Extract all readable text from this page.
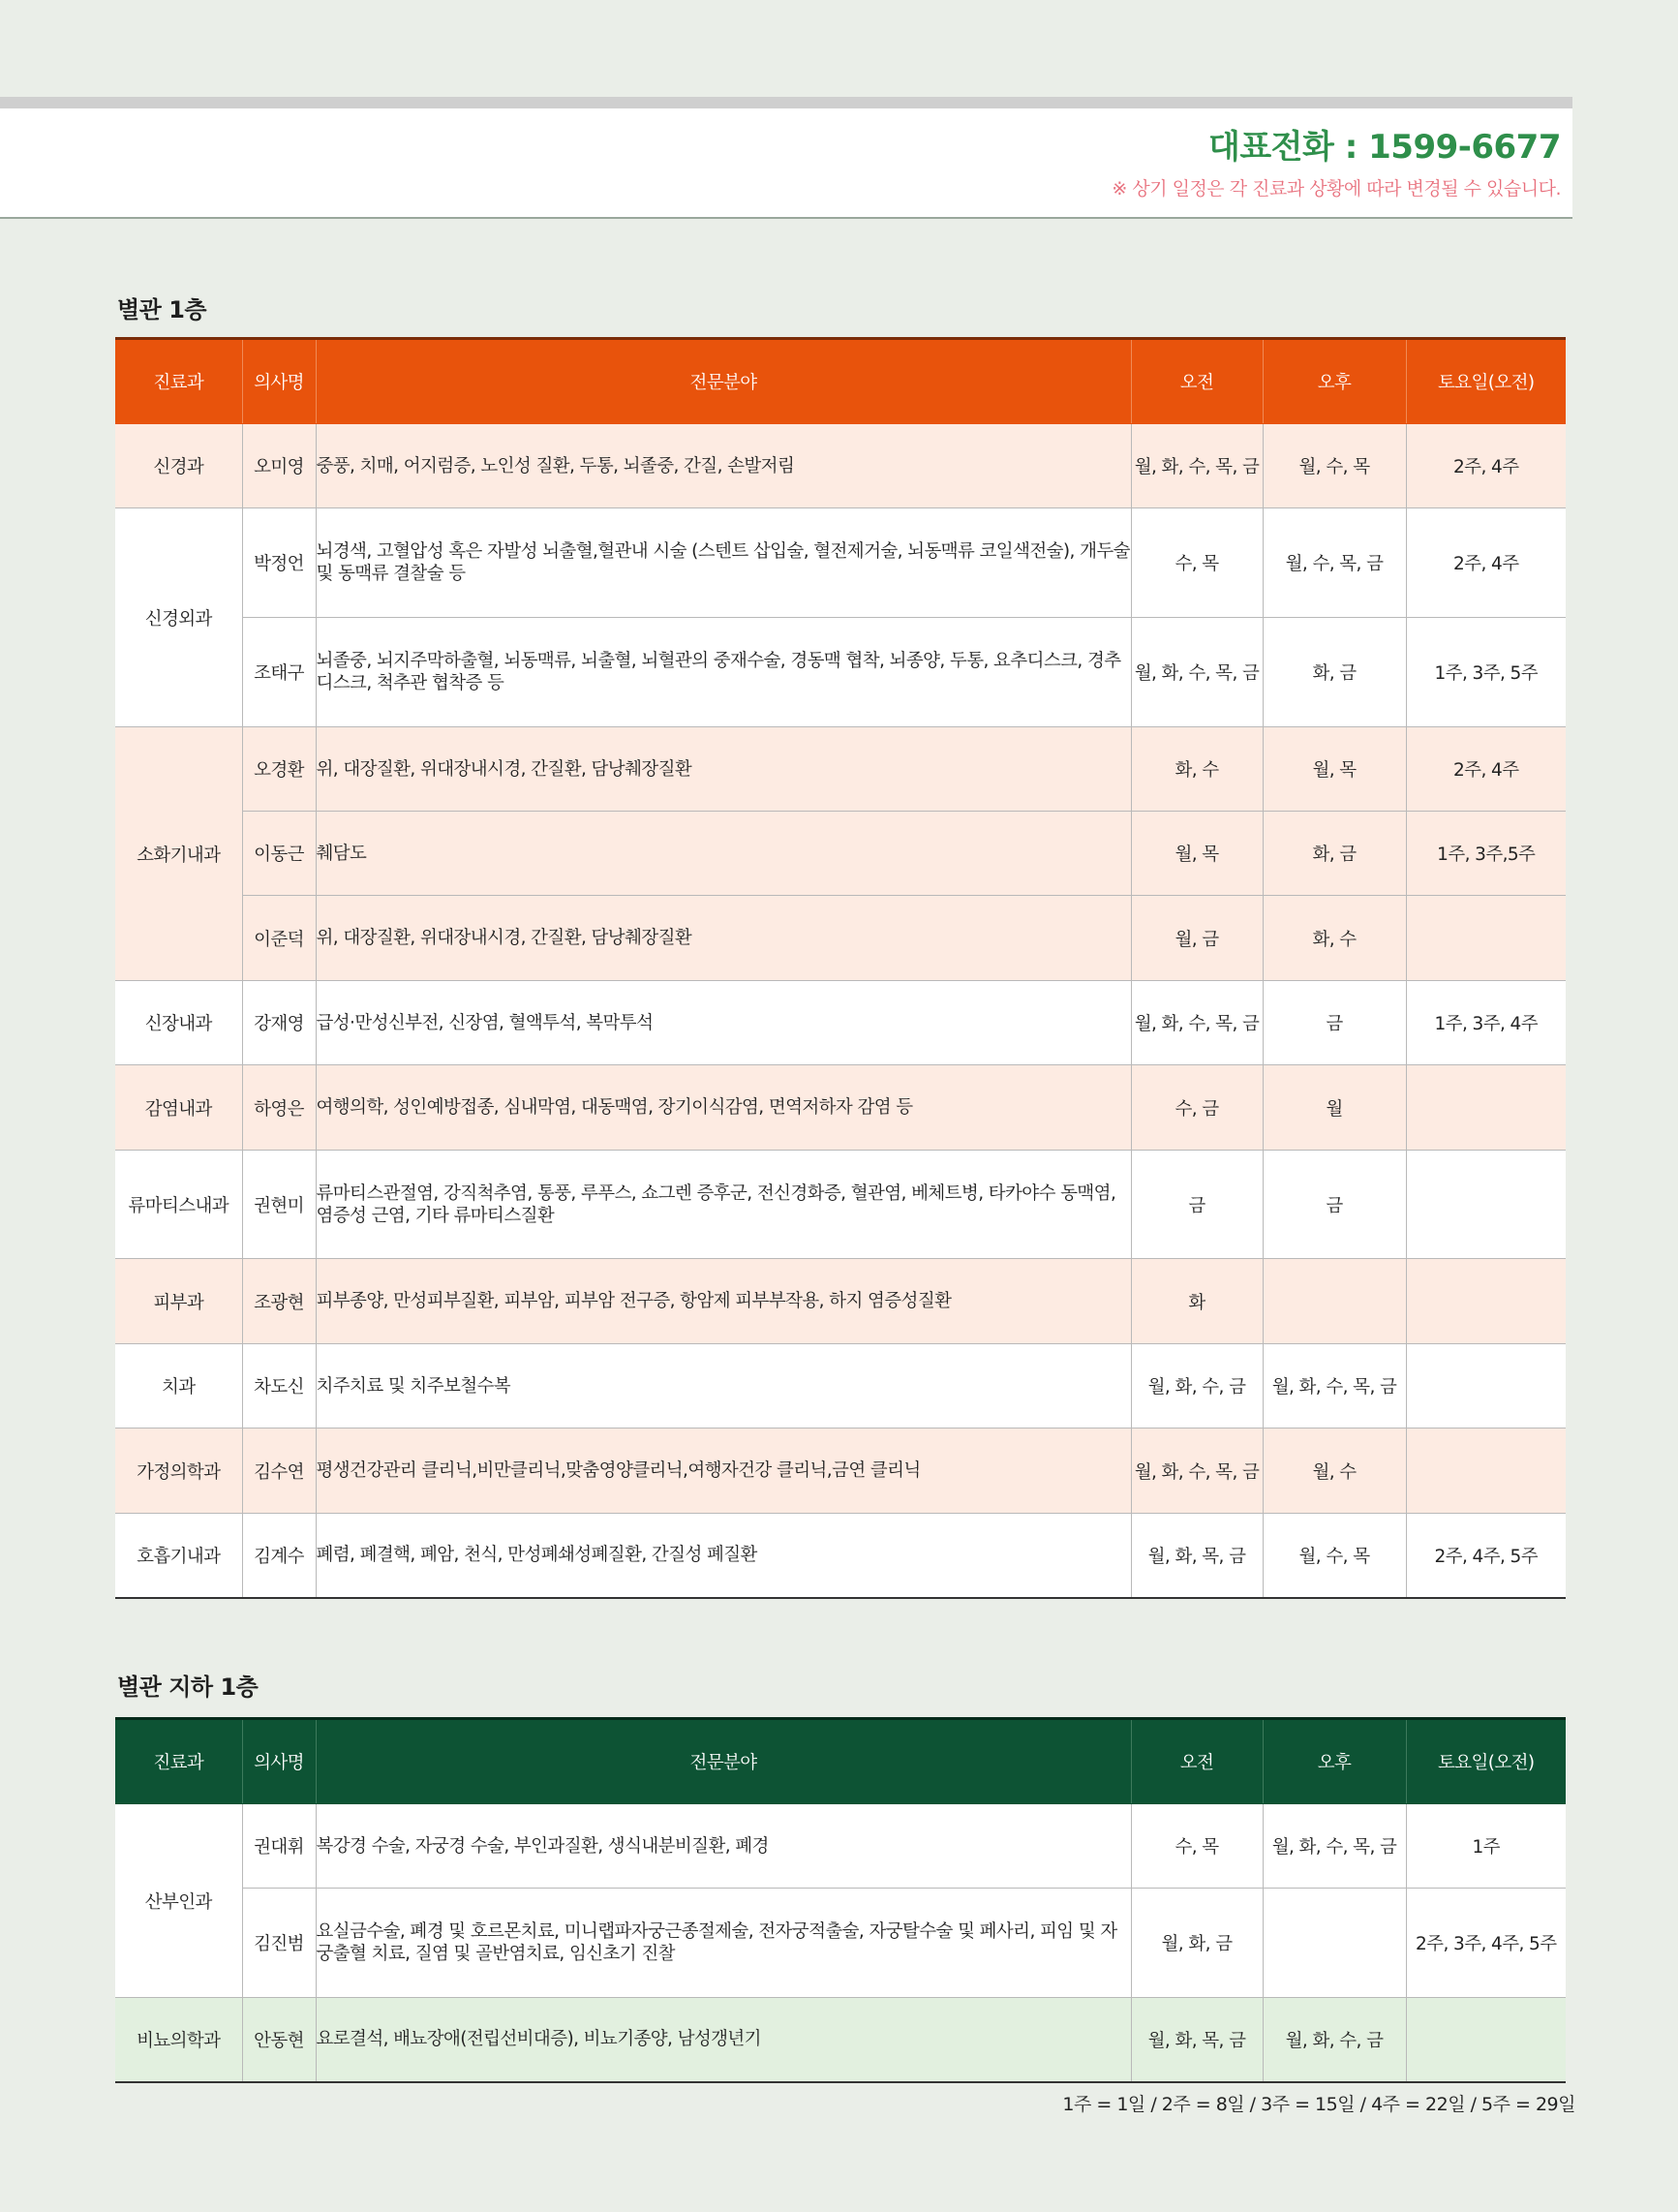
대표전화 : 1599-6677
※ 상기 일정은 각 진료과 상황에 따라 변경될 수 있습니다.
별관 1층
진료과	의사명	전문분야	오전	오후	토요일(오전)
신경과	오미영	중풍, 치매, 어지럼증, 노인성 질환, 두통, 뇌졸중, 간질, 손발저림	월, 화, 수, 목, 금	월, 수, 목	2주, 4주
신경외과	박정언	뇌경색, 고혈압성 혹은 자발성 뇌출혈,혈관내 시술 (스텐트 삽입술, 혈전제거술, 뇌동맥류 코일색전술), 개두술 및 동맥류 결찰술 등	수, 목	월, 수, 목, 금	2주, 4주
	조태구	뇌졸중, 뇌지주막하출혈, 뇌동맥류, 뇌출혈, 뇌혈관의 중재수술, 경동맥 협착, 뇌종양, 두통, 요추디스크, 경추 디스크, 척추관 협착증 등	월, 화, 수, 목, 금	화, 금	1주, 3주, 5주
소화기내과	오경환	위, 대장질환, 위대장내시경, 간질환, 담낭췌장질환	화, 수	월, 목	2주, 4주
	이동근	췌담도	월, 목	화, 금	1주, 3주,5주
	이준덕	위, 대장질환, 위대장내시경, 간질환, 담낭췌장질환	월, 금	화, 수	
신장내과	강재영	급성·만성신부전, 신장염, 혈액투석, 복막투석	월, 화, 수, 목, 금	금	1주, 3주, 4주
감염내과	하영은	여행의학, 성인예방접종, 심내막염, 대동맥염, 장기이식감염, 면역저하자 감염 등	수, 금	월	
류마티스내과	권현미	류마티스관절염, 강직척추염, 통풍, 루푸스, 쇼그렌 증후군, 전신경화증, 혈관염, 베체트병, 타카야수 동맥염, 염증성 근염, 기타 류마티스질환	금	금	
피부과	조광현	피부종양, 만성피부질환, 피부암, 피부암 전구증, 항암제 피부부작용, 하지 염증성질환	화		
치과	차도신	치주치료 및 치주보철수복	월, 화, 수, 금	월, 화, 수, 목, 금	
가정의학과	김수연	평생건강관리 클리닉,비만클리닉,맞춤영양클리닉,여행자건강 클리닉,금연 클리닉	월, 화, 수, 목, 금	월, 수	
호흡기내과	김계수	폐렴, 폐결핵, 폐암, 천식, 만성폐쇄성폐질환, 간질성 폐질환	월, 화, 목, 금	월, 수, 목	2주, 4주, 5주
별관 지하 1층
진료과	의사명	전문분야	오전	오후	토요일(오전)
산부인과	권대휘	복강경 수술, 자궁경 수술, 부인과질환, 생식내분비질환, 폐경	수, 목	월, 화, 수, 목, 금	1주
	김진범	요실금수술, 폐경 및 호르몬치료, 미니랩파자궁근종절제술, 전자궁적출술, 자궁탈수술 및 페사리, 피임 및 자궁출혈 치료, 질염 및 골반염치료, 임신초기 진찰	월, 화, 금		2주, 3주, 4주, 5주
비뇨의학과	안동현	요로결석, 배뇨장애(전립선비대증), 비뇨기종양, 남성갱년기	월, 화, 목, 금	월, 화, 수, 금	
1주 = 1일 / 2주 = 8일 / 3주 = 15일 / 4주 = 22일 / 5주 = 29일
